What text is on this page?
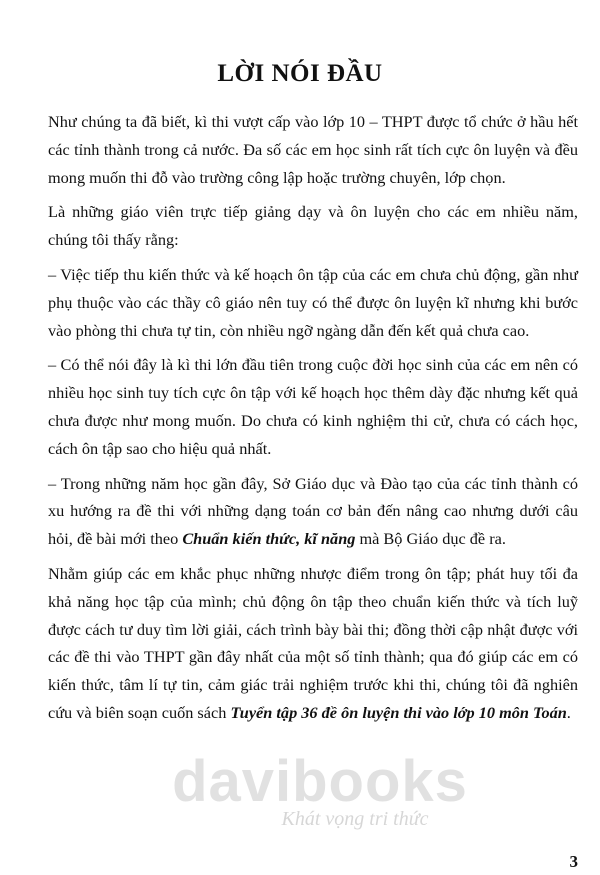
LỜI NÓI ĐẦU

Như chúng ta đã biết, kì thi vượt cấp vào lớp 10 – THPT được tổ chức ở hầu hết các tỉnh thành trong cả nước. Đa số các em học sinh rất tích cực ôn luyện và đều mong muốn thi đỗ vào trường công lập hoặc trường chuyên, lớp chọn.

Là những giáo viên trực tiếp giảng dạy và ôn luyện cho các em nhiều năm, chúng tôi thấy rằng:

– Việc tiếp thu kiến thức và kế hoạch ôn tập của các em chưa chủ động, gần như phụ thuộc vào các thầy cô giáo nên tuy có thể được ôn luyện kĩ nhưng khi bước vào phòng thi chưa tự tin, còn nhiều ngỡ ngàng dẫn đến kết quả chưa cao.

– Có thể nói đây là kì thi lớn đầu tiên trong cuộc đời học sinh của các em nên có nhiều học sinh tuy tích cực ôn tập với kế hoạch học thêm dày đặc nhưng kết quả chưa được như mong muốn. Do chưa có kinh nghiệm thi cử, chưa có cách học, cách ôn tập sao cho hiệu quả nhất.

– Trong những năm học gần đây, Sở Giáo dục và Đào tạo của các tỉnh thành có xu hướng ra đề thi với những dạng toán cơ bản đến nâng cao nhưng dưới câu hỏi, đề bài mới theo Chuẩn kiến thức, kĩ năng mà Bộ Giáo dục đề ra.

Nhằm giúp các em khắc phục những nhược điểm trong ôn tập; phát huy tối đa khả năng học tập của mình; chủ động ôn tập theo chuẩn kiến thức và tích luỹ được cách tư duy tìm lời giải, cách trình bày bài thi; đồng thời cập nhật được với các đề thi vào THPT gần đây nhất của một số tỉnh thành; qua đó giúp các em có kiến thức, tâm lí tự tin, cảm giác trải nghiệm trước khi thi, chúng tôi đã nghiên cứu và biên soạn cuốn sách Tuyển tập 36 đề ôn luyện thi vào lớp 10 môn Toán.

davibooks
Khát vọng tri thức
3
